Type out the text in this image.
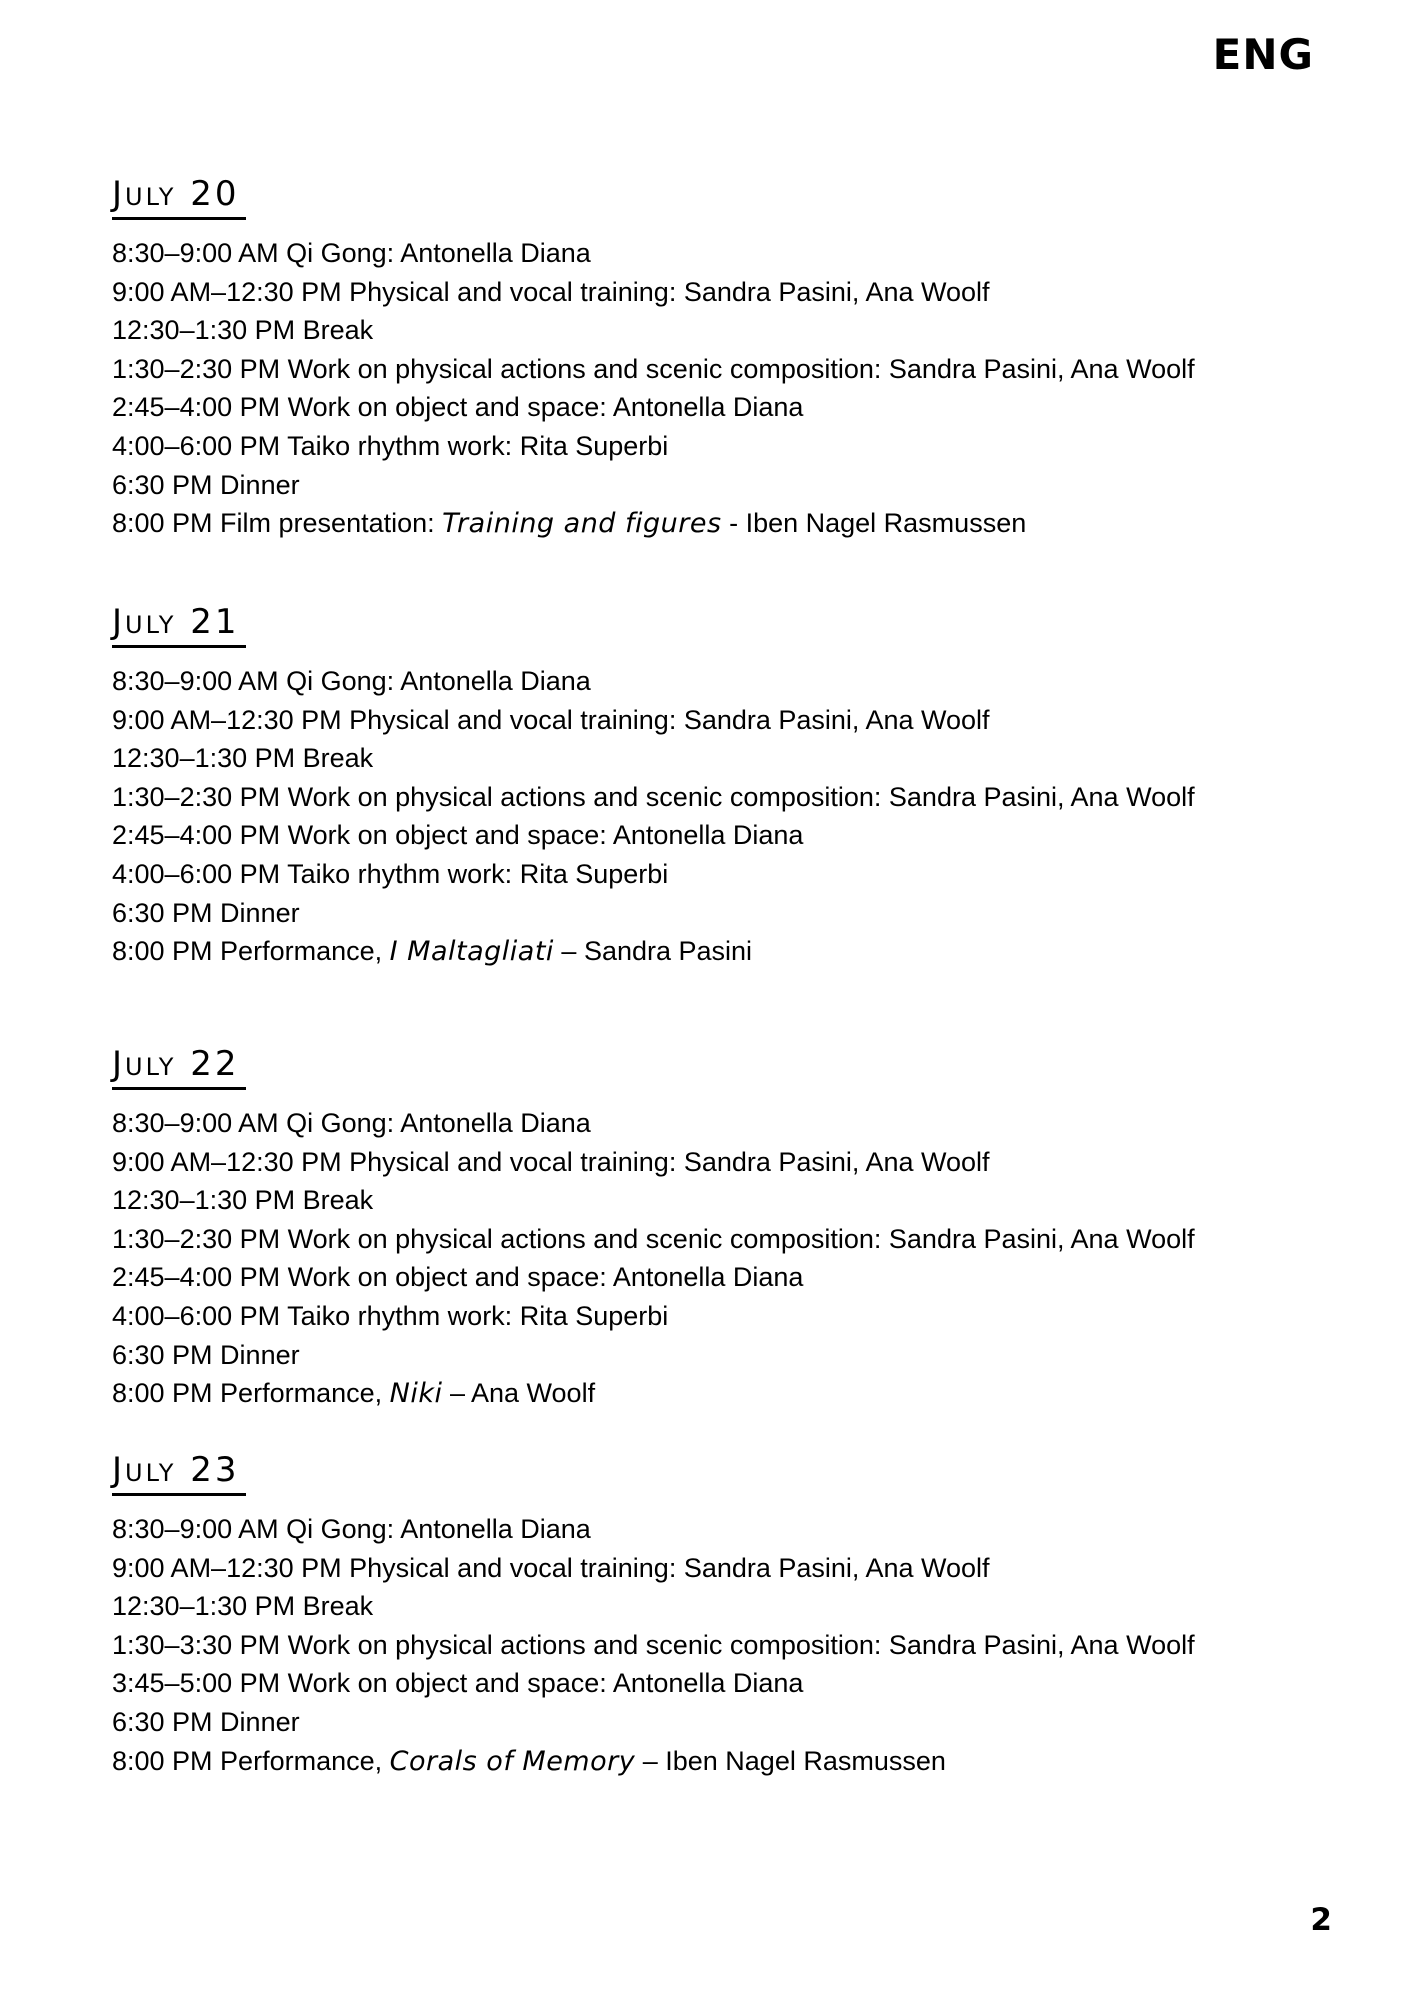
ENG
July 20
8:30–9:00 AM Qi Gong: Antonella Diana
9:00 AM–12:30 PM Physical and vocal training: Sandra Pasini, Ana Woolf
12:30–1:30 PM Break
1:30–2:30 PM Work on physical actions and scenic composition: Sandra Pasini, Ana Woolf
2:45–4:00 PM Work on object and space: Antonella Diana
4:00–6:00 PM Taiko rhythm work: Rita Superbi
6:30 PM Dinner
8:00 PM Film presentation: Training and figures - Iben Nagel Rasmussen
July 21
8:30–9:00 AM Qi Gong: Antonella Diana
9:00 AM–12:30 PM Physical and vocal training: Sandra Pasini, Ana Woolf
12:30–1:30 PM Break
1:30–2:30 PM Work on physical actions and scenic composition: Sandra Pasini, Ana Woolf
2:45–4:00 PM Work on object and space: Antonella Diana
4:00–6:00 PM Taiko rhythm work: Rita Superbi
6:30 PM Dinner
8:00 PM Performance, I Maltagliati – Sandra Pasini
July 22
8:30–9:00 AM Qi Gong: Antonella Diana
9:00 AM–12:30 PM Physical and vocal training: Sandra Pasini, Ana Woolf
12:30–1:30 PM Break
1:30–2:30 PM Work on physical actions and scenic composition: Sandra Pasini, Ana Woolf
2:45–4:00 PM Work on object and space: Antonella Diana
4:00–6:00 PM Taiko rhythm work: Rita Superbi
6:30 PM Dinner
8:00 PM Performance, Niki – Ana Woolf
July 23
8:30–9:00 AM Qi Gong: Antonella Diana
9:00 AM–12:30 PM Physical and vocal training: Sandra Pasini, Ana Woolf
12:30–1:30 PM Break
1:30–3:30 PM Work on physical actions and scenic composition: Sandra Pasini, Ana Woolf
3:45–5:00 PM Work on object and space: Antonella Diana
6:30 PM Dinner
8:00 PM Performance, Corals of Memory – Iben Nagel Rasmussen
2
